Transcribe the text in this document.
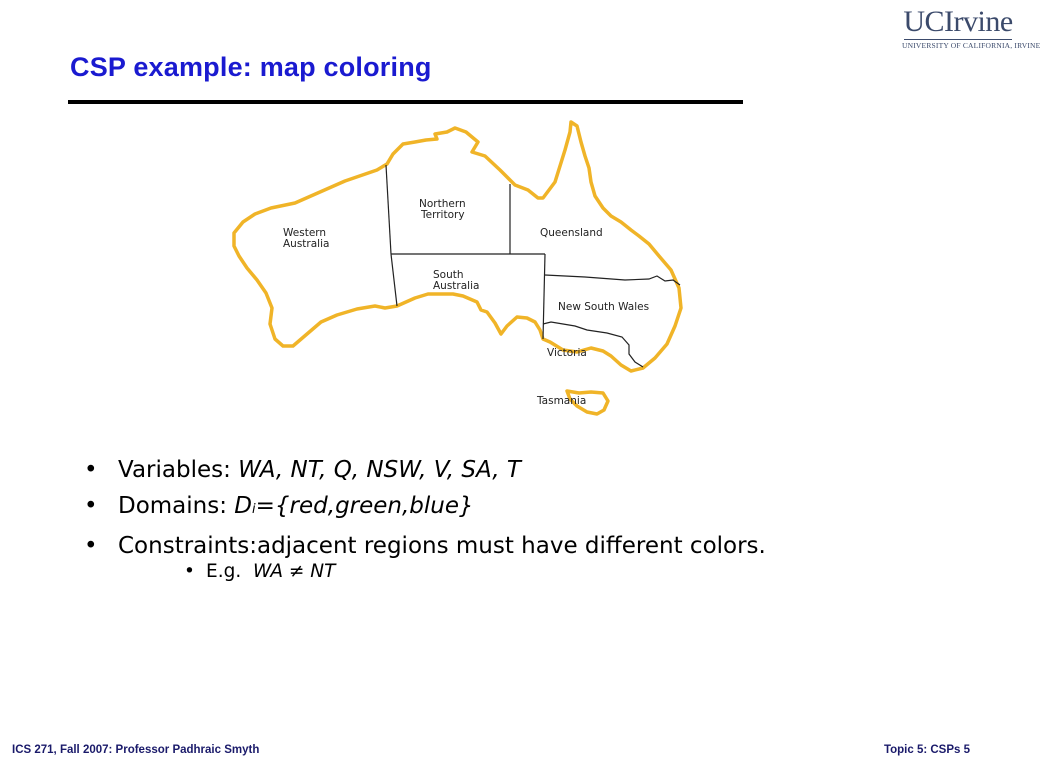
CSP example: map coloring
UCIrvine
UNIVERSITY OF CALIFORNIA, IRVINE
Western
Australia
Northern
Territory
Queensland
South
Australia
New South Wales
Victoria
Tasmania
• Variables:
WA, NT, Q, NSW, V, SA, T
• Domains:
D i ={red,green,blue}
• Constraints:adjacent regions must have different colors.
• E.g.  WA ≠ NT
ICS 271, Fall 2007: Professor Padhraic Smyth	Topic 5: CSPs 5
